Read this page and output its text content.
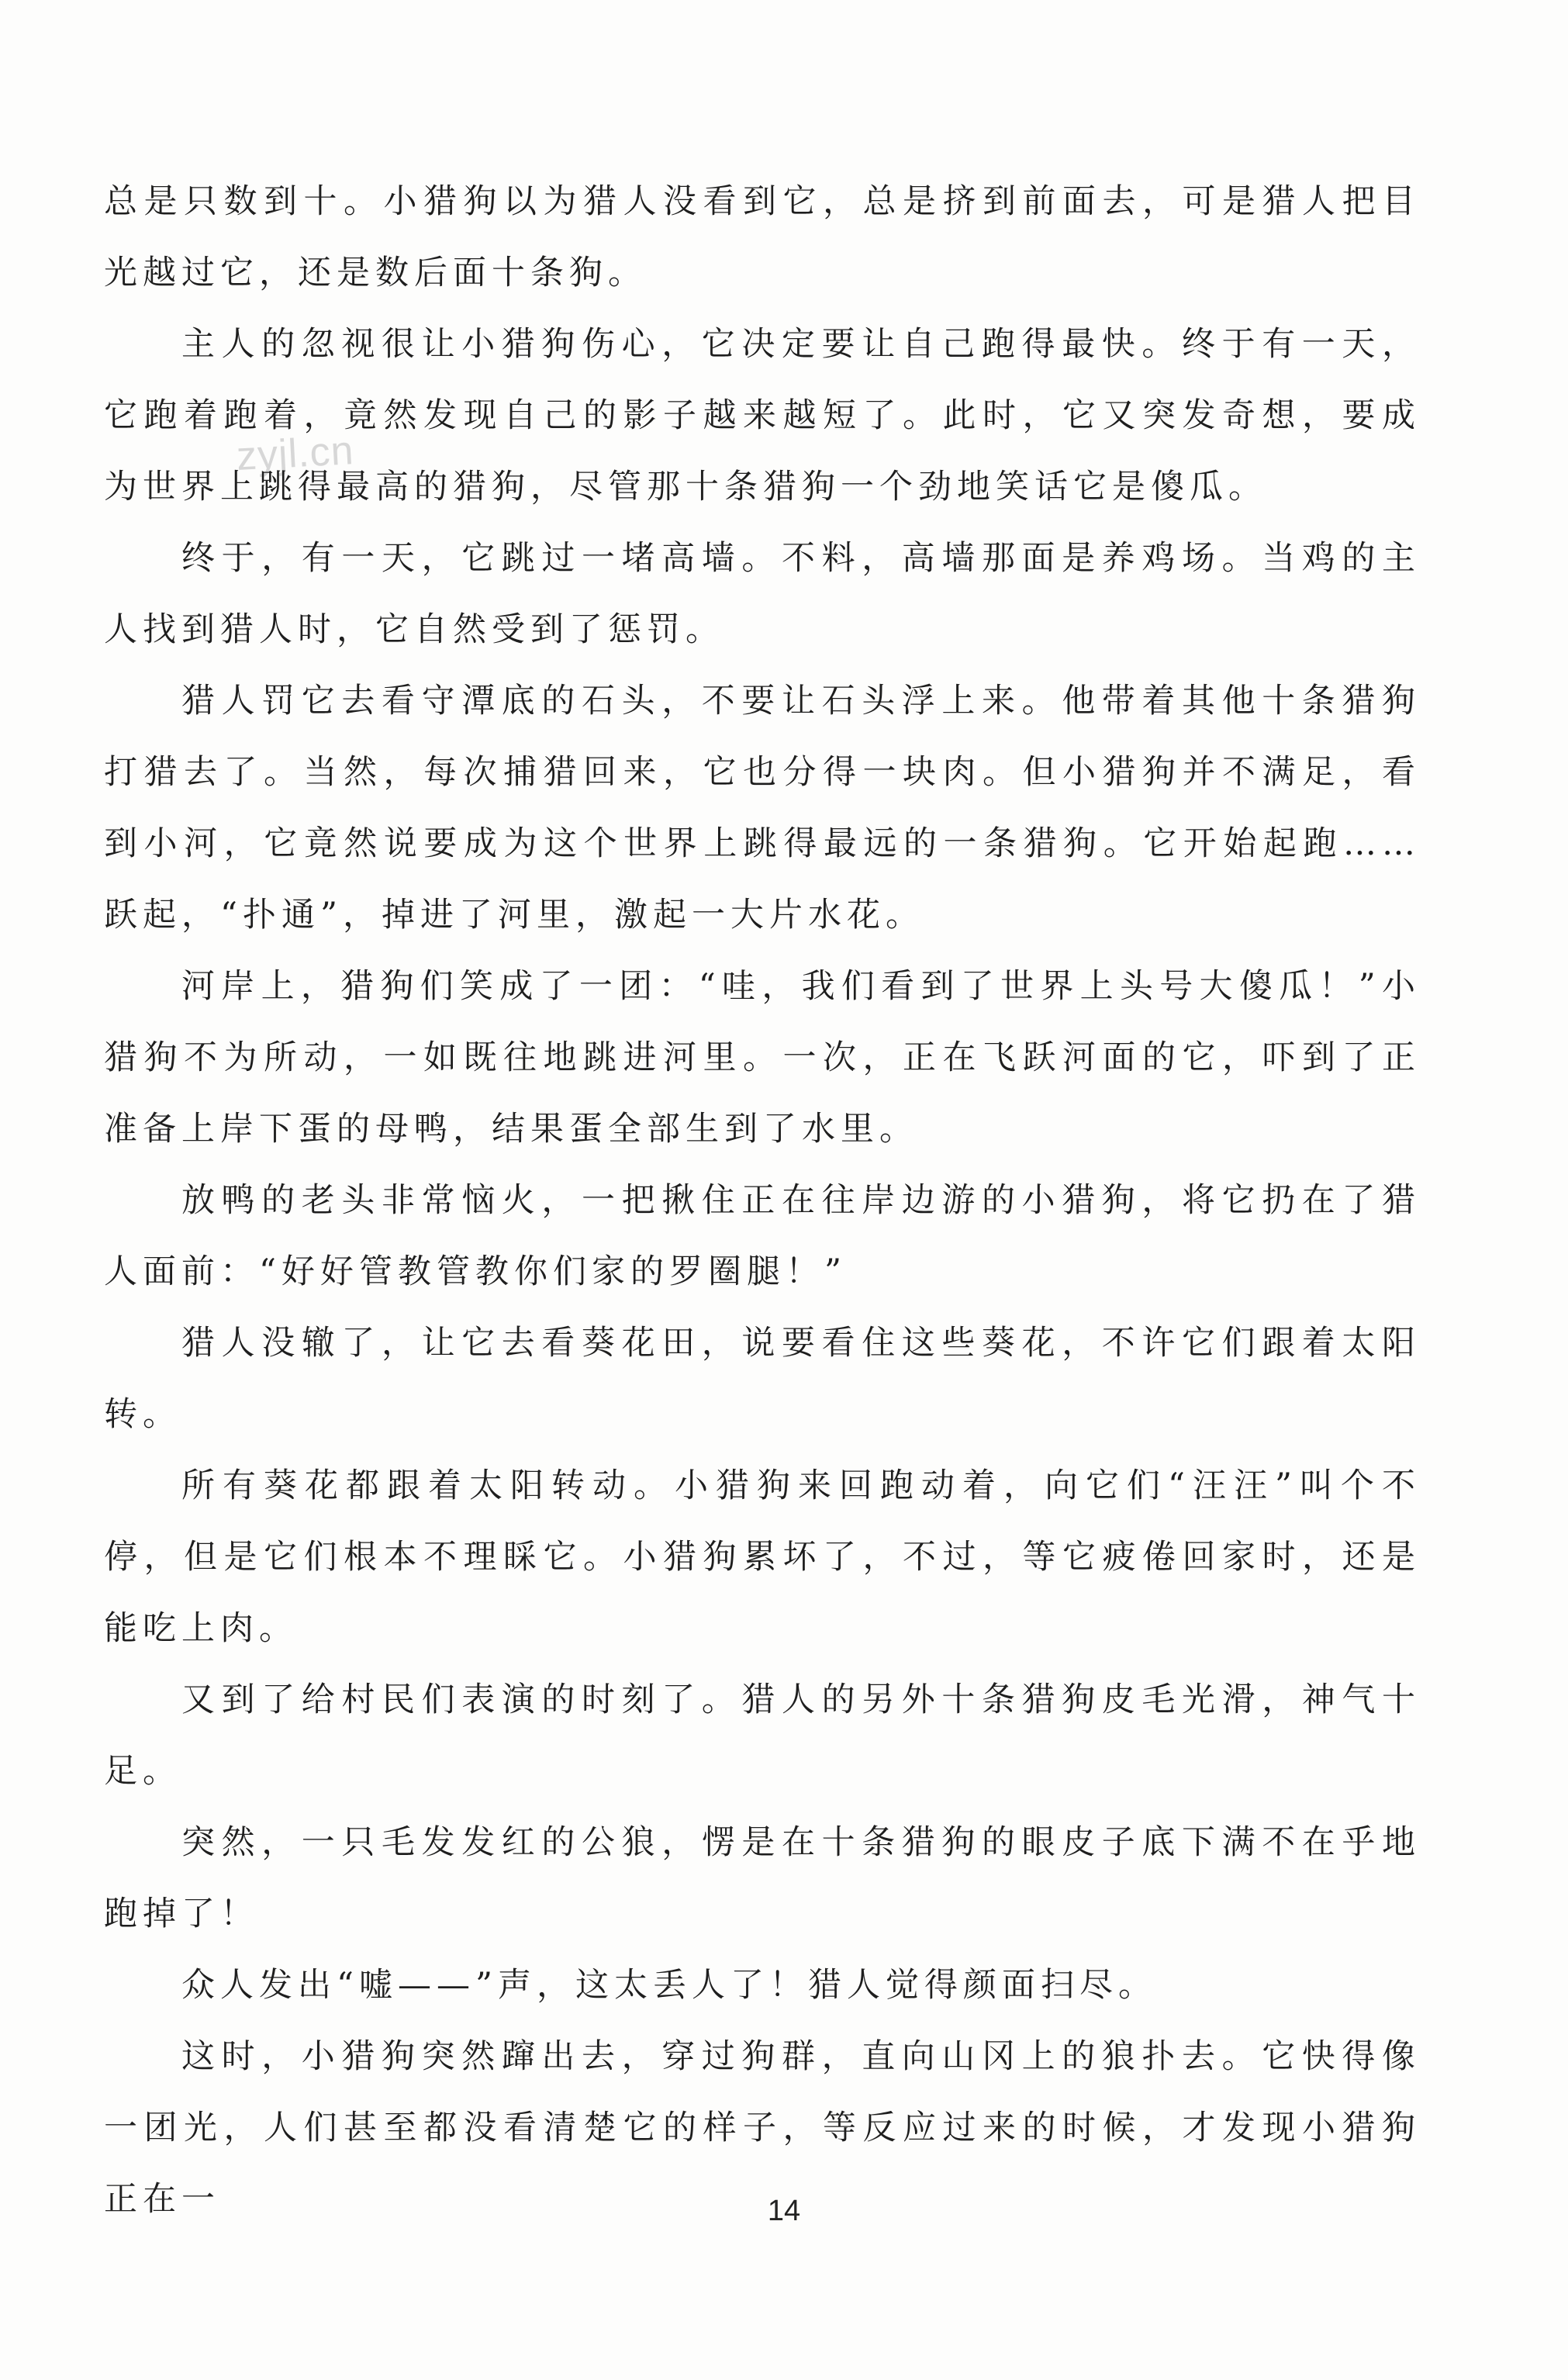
zyjl.cn

总是只数到十。小猎狗以为猎人没看到它，总是挤到前面去，可是猎人把目光越过它，还是数后面十条狗。

主人的忽视很让小猎狗伤心，它决定要让自己跑得最快。终于有一天，它跑着跑着，竟然发现自己的影子越来越短了。此时，它又突发奇想，要成为世界上跳得最高的猎狗，尽管那十条猎狗一个劲地笑话它是傻瓜。

终于，有一天，它跳过一堵高墙。不料，高墙那面是养鸡场。当鸡的主人找到猎人时，它自然受到了惩罚。

猎人罚它去看守潭底的石头，不要让石头浮上来。他带着其他十条猎狗打猎去了。当然，每次捕猎回来，它也分得一块肉。但小猎狗并不满足，看到小河，它竟然说要成为这个世界上跳得最远的一条猎狗。它开始起跑……跃起，“扑通”，掉进了河里，激起一大片水花。

河岸上，猎狗们笑成了一团：“哇，我们看到了世界上头号大傻瓜！”小猎狗不为所动，一如既往地跳进河里。一次，正在飞跃河面的它，吓到了正准备上岸下蛋的母鸭，结果蛋全部生到了水里。

放鸭的老头非常恼火，一把揪住正在往岸边游的小猎狗，将它扔在了猎人面前：“好好管教管教你们家的罗圈腿！”

猎人没辙了，让它去看葵花田，说要看住这些葵花，不许它们跟着太阳转。

所有葵花都跟着太阳转动。小猎狗来回跑动着，向它们“汪汪”叫个不停，但是它们根本不理睬它。小猎狗累坏了，不过，等它疲倦回家时，还是能吃上肉。

又到了给村民们表演的时刻了。猎人的另外十条猎狗皮毛光滑，神气十足。

突然，一只毛发发红的公狼，愣是在十条猎狗的眼皮子底下满不在乎地跑掉了！

众人发出“嘘——”声，这太丢人了！猎人觉得颜面扫尽。

这时，小猎狗突然蹿出去，穿过狗群，直向山冈上的狼扑去。它快得像一团光，人们甚至都没看清楚它的样子，等反应过来的时候，才发现小猎狗正在一	14
